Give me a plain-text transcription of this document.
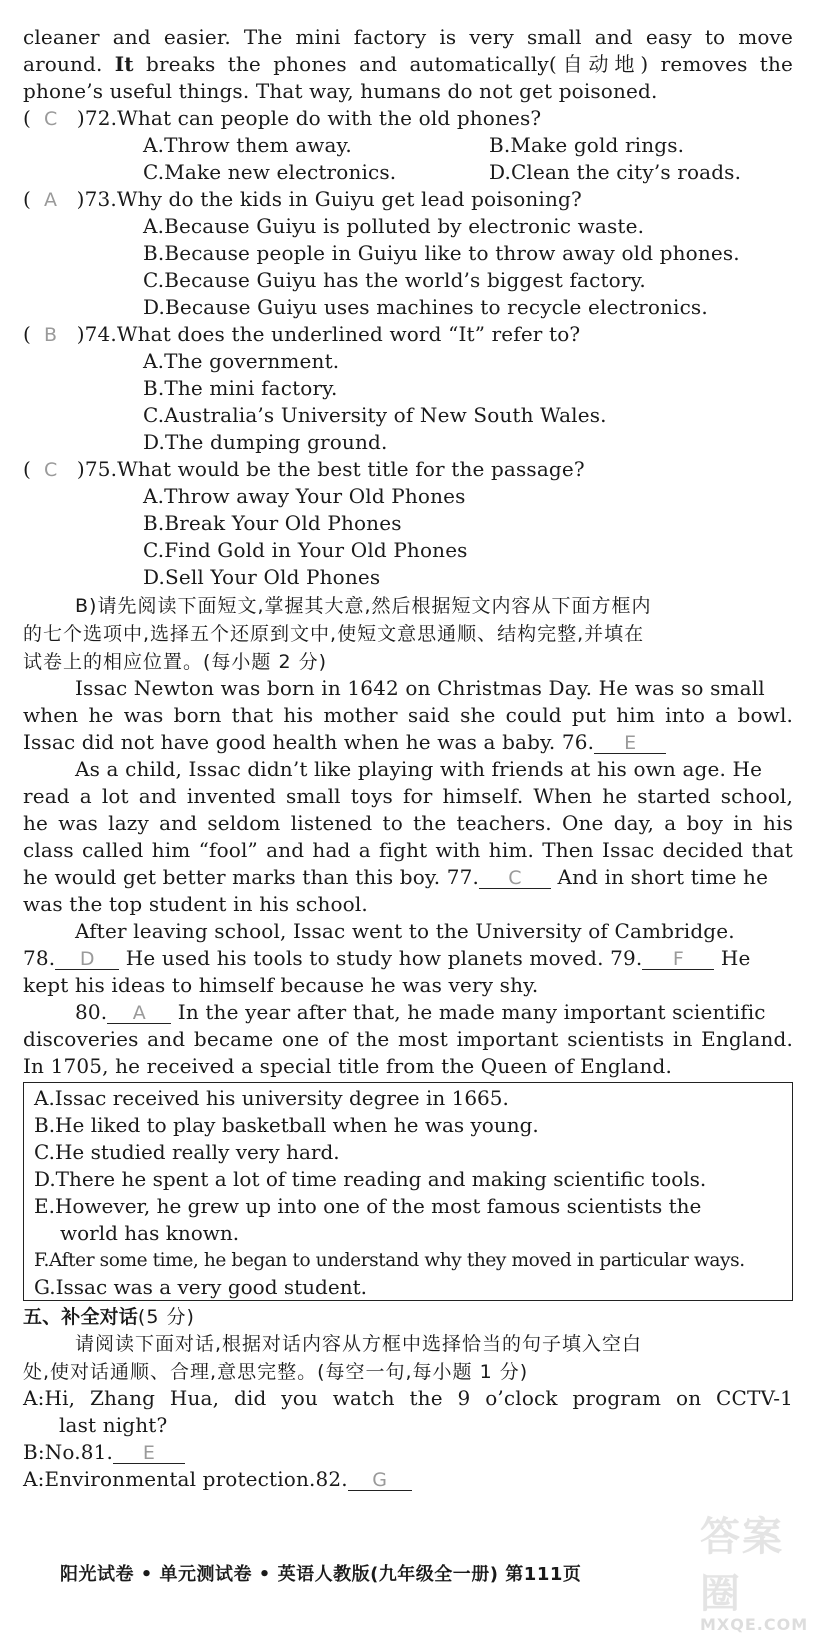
cleaner and easier. The mini factory is very small and easy to move
around. It breaks the phones and automatically(自动地) removes the
phone’s useful things. That way, humans do not get poisoned.
( C )72.What can people do with the old phones?
A.Throw them away.	B.Make gold rings.
C.Make new electronics.	D.Clean the city’s roads.
( A )73.Why do the kids in Guiyu get lead poisoning?
A.Because Guiyu is polluted by electronic waste.
B.Because people in Guiyu like to throw away old phones.
C.Because Guiyu has the world’s biggest factory.
D.Because Guiyu uses machines to recycle electronics.
( B )74.What does the underlined word “It” refer to?
A.The government.
B.The mini factory.
C.Australia’s University of New South Wales.
D.The dumping ground.
( C )75.What would be the best title for the passage?
A.Throw away Your Old Phones
B.Break Your Old Phones
C.Find Gold in Your Old Phones
D.Sell Your Old Phones
B)请先阅读下面短文,掌握其大意,然后根据短文内容从下面方框内
的七个选项中,选择五个还原到文中,使短文意思通顺、结构完整,并填在
试卷上的相应位置。(每小题 2 分)
Issac Newton was born in 1642 on Christmas Day. He was so small
when he was born that his mother said she could put him into a bowl.
Issac did not have good health when he was a baby. 76. E
As a child, Issac didn’t like playing with friends at his own age. He
read a lot and invented small toys for himself. When he started school,
he was lazy and seldom listened to the teachers. One day, a boy in his
class called him “fool” and had a fight with him. Then Issac decided that
he would get better marks than this boy. 77. C And in short time he
was the top student in his school.
After leaving school, Issac went to the University of Cambridge.
78. D He used his tools to study how planets moved. 79. F He
kept his ideas to himself because he was very shy.
80. A In the year after that, he made many important scientific
discoveries and became one of the most important scientists in England.
In 1705, he received a special title from the Queen of England.
A.Issac received his university degree in 1665.
B.He liked to play basketball when he was young.
C.He studied really very hard.
D.There he spent a lot of time reading and making scientific tools.
E.However, he grew up into one of the most famous scientists the
world has known.
F.After some time, he began to understand why they moved in particular ways.
G.Issac was a very good student.
五、补全对话(5 分)
请阅读下面对话,根据对话内容从方框中选择恰当的句子填入空白
处,使对话通顺、合理,意思完整。(每空一句,每小题 1 分)
A:Hi, Zhang Hua, did you watch the 9 o’clock program on CCTV-1
last night?
B:No.81. E
A:Environmental protection.82. G
阳光试卷 • 单元测试卷 • 英语人教版(九年级全一册) 第111页
答案圈
MXQE.COM
